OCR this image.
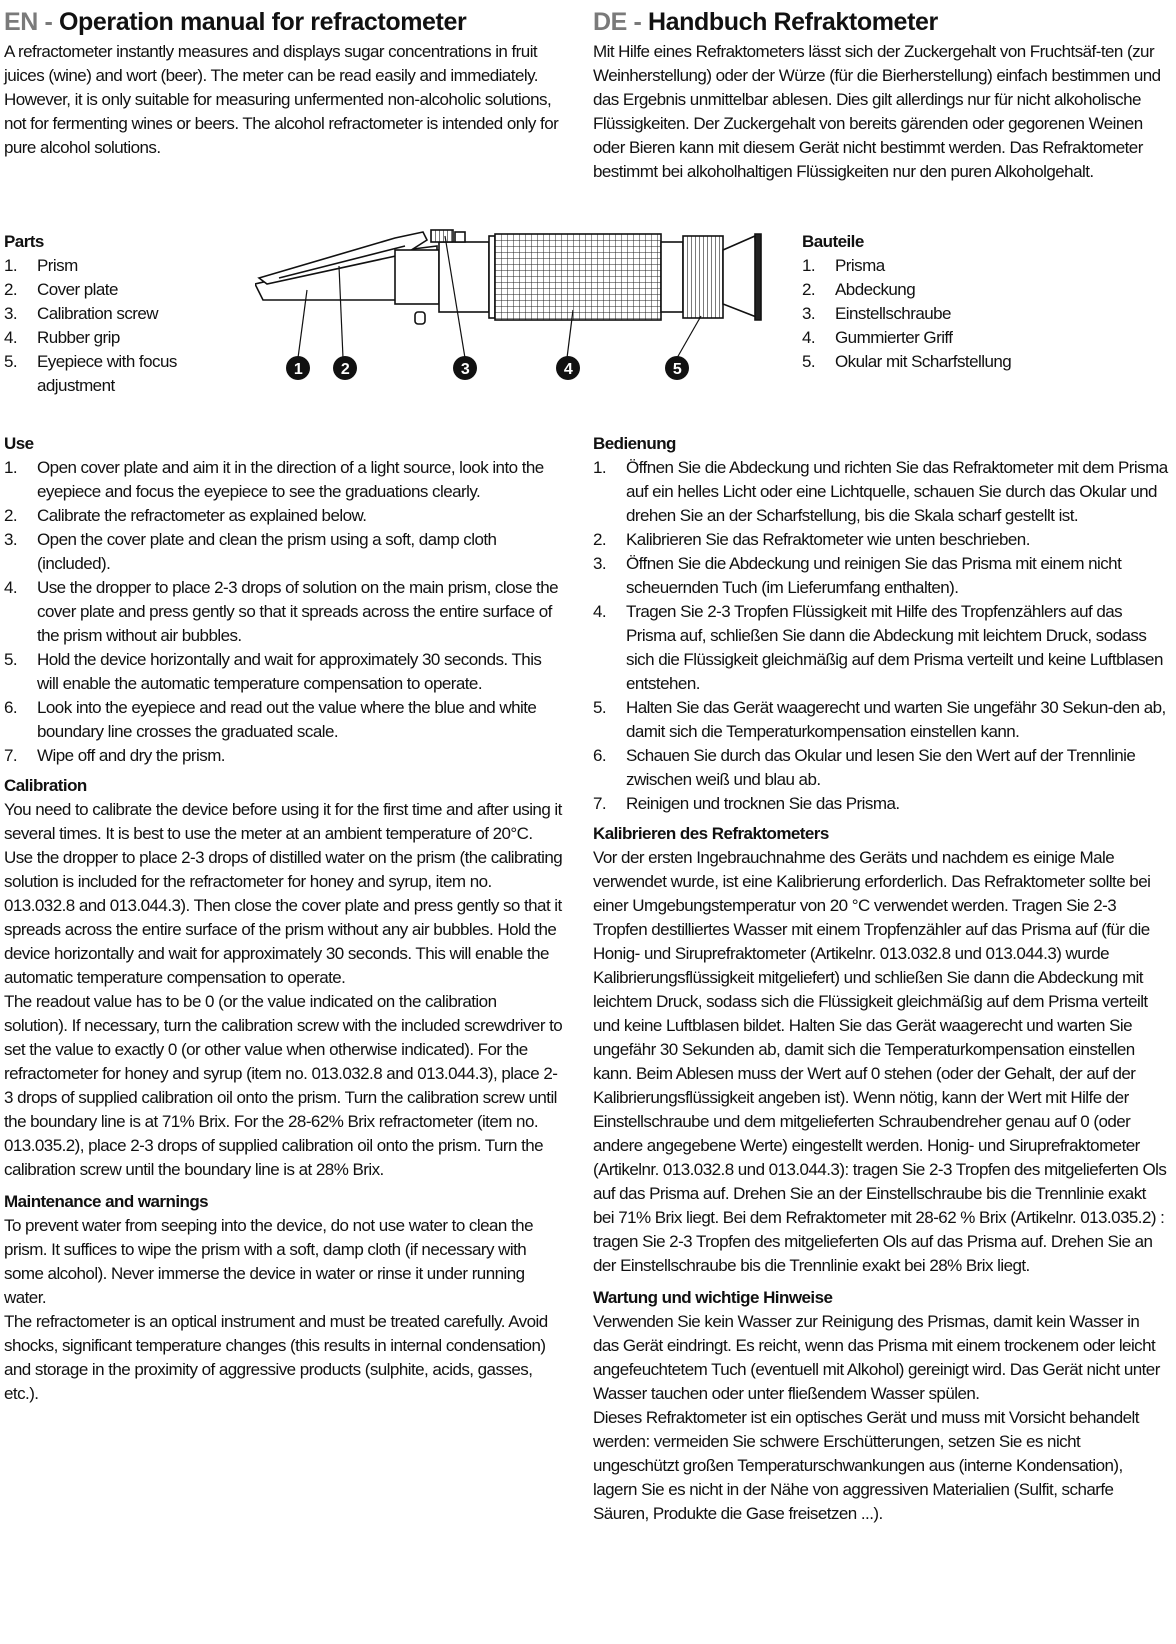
EN - Operation manual for refractometer

A refractometer instantly measures and displays sugar concentrations in fruit juices (wine) and wort (beer). The meter can be read easily and immediately. However, it is only suitable for measuring unfermented non-alcoholic solutions, not for fermenting wines or beers. The alcohol refractometer is intended only for pure alcohol solutions.

Parts
1. Prism
2. Cover plate
3. Calibration screw
4. Rubber grip
5. Eyepiece with focus adjustment
Use
1. Open cover plate and aim it in the direction of a light source, look into the eyepiece and focus the eyepiece to see the graduations clearly.
2. Calibrate the refractometer as explained below.
3. Open the cover plate and clean the prism using a soft, damp cloth (included).
4. Use the dropper to place 2-3 drops of solution on the main prism, close the cover plate and press gently so that it spreads across the entire surface of the prism without air bubbles.
5. Hold the device horizontally and wait for approximately 30 seconds. This will enable the automatic temperature compensation to operate.
6. Look into the eyepiece and read out the value where the blue and white boundary line crosses the graduated scale.
7. Wipe off and dry the prism.
Calibration

You need to calibrate the device before using it for the first time and after using it several times. It is best to use the meter at an ambient temperature of 20°C. Use the dropper to place 2-3 drops of distilled water on the prism (the calibrating solution is included for the refractometer for honey and syrup, item no. 013.032.8 and 013.044.3). Then close the cover plate and press gently so that it spreads across the entire surface of the prism without any air bubbles. Hold the device horizontally and wait for approximately 30 seconds. This will enable the automatic temperature compensation to operate.

The readout value has to be 0 (or the value indicated on the calibration solution). If necessary, turn the calibration screw with the included screwdriver to set the value to exactly 0 (or other value when otherwise indicated). For the refractometer for honey and syrup (item no. 013.032.8 and 013.044.3), place 2-3 drops of supplied calibration oil onto the prism. Turn the calibration screw until the boundary line is at 71% Brix. For the 28-62% Brix refractometer (item no. 013.035.2), place 2-3 drops of supplied calibration oil onto the prism. Turn the calibration screw until the boundary line is at 28% Brix.

Maintenance and warnings

To prevent water from seeping into the device, do not use water to clean the prism. It suffices to wipe the prism with a soft, damp cloth (if necessary with some alcohol). Never immerse the device in water or rinse it under running water.

The refractometer is an optical instrument and must be treated carefully. Avoid shocks, significant temperature changes (this results in internal condensation) and storage in the proximity of aggressive products (sulphite, acids, gasses, etc.).

DE - Handbuch Refraktometer

Mit Hilfe eines Refraktometers lässt sich der Zuckergehalt von Fruchtsäf-ten (zur Weinherstellung) oder der Würze (für die Bierherstellung) einfach bestimmen und das Ergebnis unmittelbar ablesen. Dies gilt allerdings nur für nicht alkoholische Flüssigkeiten. Der Zuckergehalt von bereits gärenden oder gegorenen Weinen oder Bieren kann mit diesem Gerät nicht bestimmt werden. Das Refraktometer bestimmt bei alkoholhaltigen Flüssigkeiten nur den puren Alkoholgehalt.

Bauteile
1. Prisma
2. Abdeckung
3. Einstellschraube
4. Gummierter Griff
5. Okular mit Scharfstellung
Bedienung
1. Öffnen Sie die Abdeckung und richten Sie das Refraktometer mit dem Prisma auf ein helles Licht oder eine Lichtquelle, schauen Sie durch das Okular und drehen Sie an der Scharfstellung, bis die Skala scharf gestellt ist.
2. Kalibrieren Sie das Refraktometer wie unten beschrieben.
3. Öffnen Sie die Abdeckung und reinigen Sie das Prisma mit einem nicht scheuernden Tuch (im Lieferumfang enthalten).
4. Tragen Sie 2-3 Tropfen Flüssigkeit mit Hilfe des Tropfenzählers auf das Prisma auf, schließen Sie dann die Abdeckung mit leichtem Druck, sodass sich die Flüssigkeit gleichmäßig auf dem Prisma verteilt und keine Luftblasen entstehen.
5. Halten Sie das Gerät waagerecht und warten Sie ungefähr 30 Sekun-den ab, damit sich die Temperaturkompensation einstellen kann.
6. Schauen Sie durch das Okular und lesen Sie den Wert auf der Trennlinie zwischen weiß und blau ab.
7. Reinigen und trocknen Sie das Prisma.
Kalibrieren des Refraktometers

Vor der ersten Ingebrauchnahme des Geräts und nachdem es einige Male verwendet wurde, ist eine Kalibrierung erforderlich. Das Refraktometer sollte bei einer Umgebungstemperatur von 20 °C verwendet werden. Tragen Sie 2-3 Tropfen destilliertes Wasser mit einem Tropfenzähler auf das Prisma auf (für die Honig- und Siruprefraktometer (Artikelnr. 013.032.8 und 013.044.3) wurde Kalibrierungsflüssigkeit mitgeliefert) und schließen Sie dann die Abdeckung mit leichtem Druck, sodass sich die Flüssigkeit gleichmäßig auf dem Prisma verteilt und keine Luftblasen bildet. Halten Sie das Gerät waagerecht und warten Sie ungefähr 30 Sekunden ab, damit sich die Temperaturkompensation einstellen kann. Beim Ablesen muss der Wert auf 0 stehen (oder der Gehalt, der auf der Kalibrierungsflüssigkeit angeben ist). Wenn nötig, kann der Wert mit Hilfe der Einstellschraube und dem mitgelieferten Schraubendreher genau auf 0 (oder andere angegebene Werte) eingestellt werden. Honig- und Siruprefraktometer (Artikelnr. 013.032.8 und 013.044.3): tragen Sie 2-3 Tropfen des mitgelieferten Ols auf das Prisma auf. Drehen Sie an der Einstellschraube bis die Trennlinie exakt bei 71% Brix liegt. Bei dem Refraktometer mit 28-62 % Brix (Artikelnr. 013.035.2) : tragen Sie 2-3 Tropfen des mitgelieferten Ols auf das Prisma auf. Drehen Sie an der Einstellschraube bis die Trennlinie exakt bei 28% Brix liegt.

Wartung und wichtige Hinweise

Verwenden Sie kein Wasser zur Reinigung des Prismas, damit kein Wasser in das Gerät eindringt. Es reicht, wenn das Prisma mit einem trockenem oder leicht angefeuchtetem Tuch (eventuell mit Alkohol) gereinigt wird. Das Gerät nicht unter Wasser tauchen oder unter fließendem Wasser spülen.

Dieses Refraktometer ist ein optisches Gerät und muss mit Vorsicht behandelt werden: vermeiden Sie schwere Erschütterungen, setzen Sie es nicht ungeschützt großen Temperaturschwankungen aus (interne Kondensation), lagern Sie es nicht in der Nähe von aggressiven Materialien (Sulfit, scharfe Säuren, Produkte die Gase freisetzen ...).

1 2	3	4	5
